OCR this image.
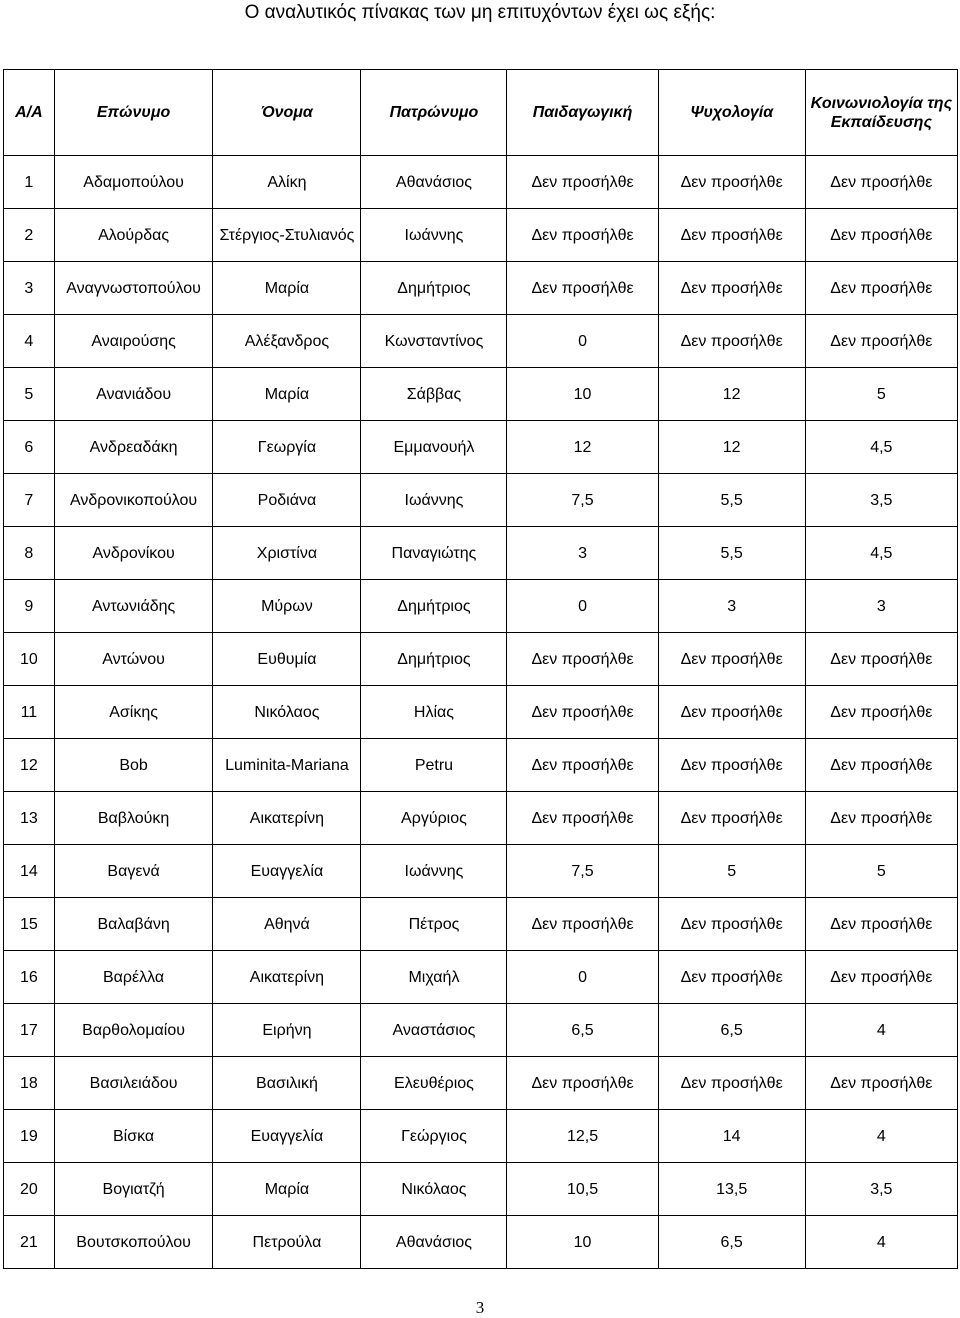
Ο αναλυτικός πίνακας των μη επιτυχόντων έχει ως εξής:
Α/Α	Επώνυμο	Όνομα	Πατρώνυμο	Παιδαγωγική	Ψυχολογία	Κοινωνιολογία της Εκπαίδευσης
1	Αδαμοπούλου	Αλίκη	Αθανάσιος	Δεν προσήλθε	Δεν προσήλθε	Δεν προσήλθε
2	Αλούρδας	Στέργιος-Στυλιανός	Ιωάννης	Δεν προσήλθε	Δεν προσήλθε	Δεν προσήλθε
3	Αναγνωστοπούλου	Μαρία	Δημήτριος	Δεν προσήλθε	Δεν προσήλθε	Δεν προσήλθε
4	Αναιρούσης	Αλέξανδρος	Κωνσταντίνος	0	Δεν προσήλθε	Δεν προσήλθε
5	Ανανιάδου	Μαρία	Σάββας	10	12	5
6	Ανδρεαδάκη	Γεωργία	Εμμανουήλ	12	12	4,5
7	Ανδρονικοπούλου	Ροδιάνα	Ιωάννης	7,5	5,5	3,5
8	Ανδρονίκου	Χριστίνα	Παναγιώτης	3	5,5	4,5
9	Αντωνιάδης	Μύρων	Δημήτριος	0	3	3
10	Αντώνου	Ευθυμία	Δημήτριος	Δεν προσήλθε	Δεν προσήλθε	Δεν προσήλθε
11	Ασίκης	Νικόλαος	Ηλίας	Δεν προσήλθε	Δεν προσήλθε	Δεν προσήλθε
12	Bob	Luminita-Mariana	Petru	Δεν προσήλθε	Δεν προσήλθε	Δεν προσήλθε
13	Βαβλούκη	Αικατερίνη	Αργύριος	Δεν προσήλθε	Δεν προσήλθε	Δεν προσήλθε
14	Βαγενά	Ευαγγελία	Ιωάννης	7,5	5	5
15	Βαλαβάνη	Αθηνά	Πέτρος	Δεν προσήλθε	Δεν προσήλθε	Δεν προσήλθε
16	Βαρέλλα	Αικατερίνη	Μιχαήλ	0	Δεν προσήλθε	Δεν προσήλθε
17	Βαρθολομαίου	Ειρήνη	Αναστάσιος	6,5	6,5	4
18	Βασιλειάδου	Βασιλική	Ελευθέριος	Δεν προσήλθε	Δεν προσήλθε	Δεν προσήλθε
19	Βίσκα	Ευαγγελία	Γεώργιος	12,5	14	4
20	Βογιατζή	Μαρία	Νικόλαος	10,5	13,5	3,5
21	Βουτσκοπούλου	Πετρούλα	Αθανάσιος	10	6,5	4
3
